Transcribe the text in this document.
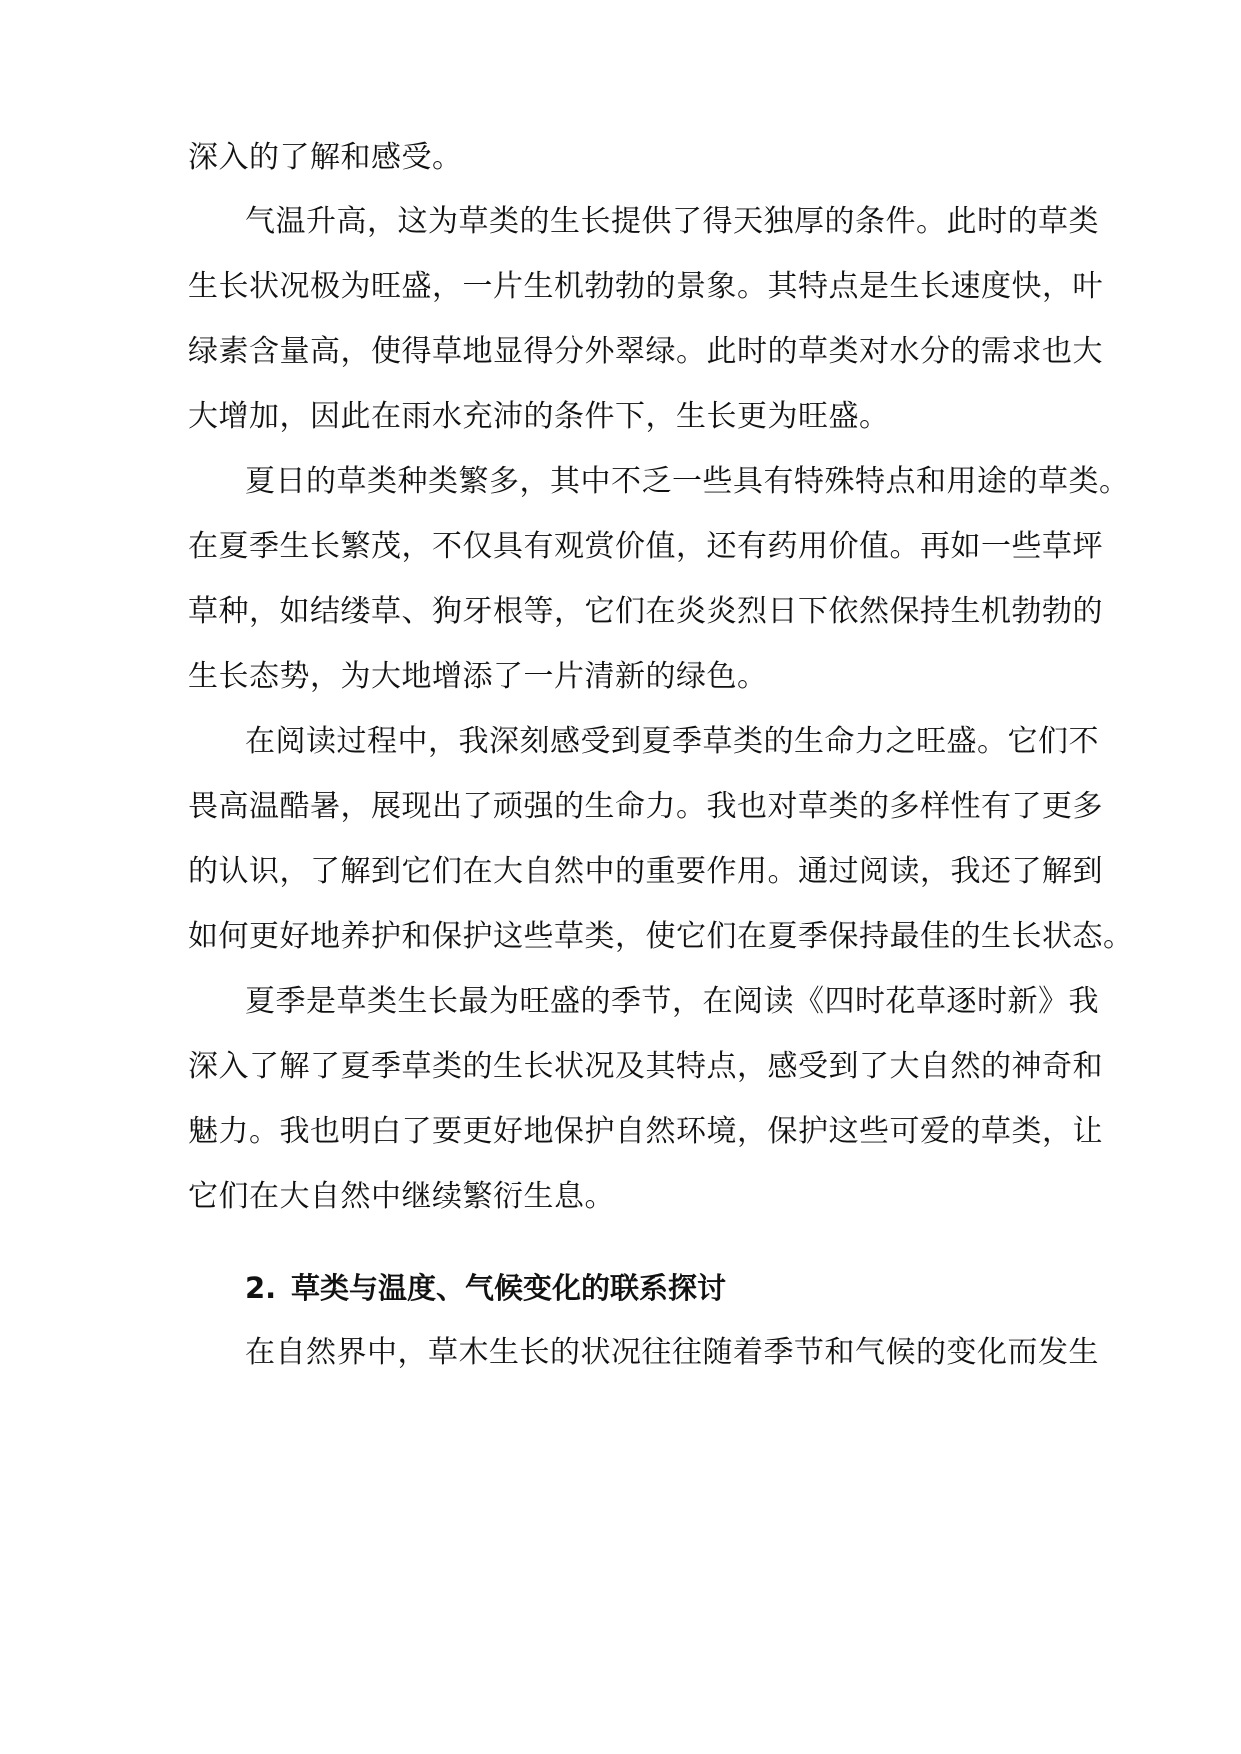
深入的了解和感受。
气温升高，这为草类的生长提供了得天独厚的条件。此时的草类
生长状况极为旺盛，一片生机勃勃的景象。其特点是生长速度快，叶
绿素含量高，使得草地显得分外翠绿。此时的草类对水分的需求也大
大增加，因此在雨水充沛的条件下，生长更为旺盛。
夏日的草类种类繁多，其中不乏一些具有特殊特点和用途的草类。
在夏季生长繁茂，不仅具有观赏价值，还有药用价值。再如一些草坪
草种，如结缕草、狗牙根等，它们在炎炎烈日下依然保持生机勃勃的
生长态势，为大地增添了一片清新的绿色。
在阅读过程中，我深刻感受到夏季草类的生命力之旺盛。它们不
畏高温酷暑，展现出了顽强的生命力。我也对草类的多样性有了更多
的认识，了解到它们在大自然中的重要作用。通过阅读，我还了解到
如何更好地养护和保护这些草类，使它们在夏季保持最佳的生长状态。
夏季是草类生长最为旺盛的季节，在阅读《四时花草逐时新》我
深入了解了夏季草类的生长状况及其特点，感受到了大自然的神奇和
魅力。我也明白了要更好地保护自然环境，保护这些可爱的草类，让
它们在大自然中继续繁衍生息。
2. 草类与温度、气候变化的联系探讨
在自然界中，草木生长的状况往往随着季节和气候的变化而发生
